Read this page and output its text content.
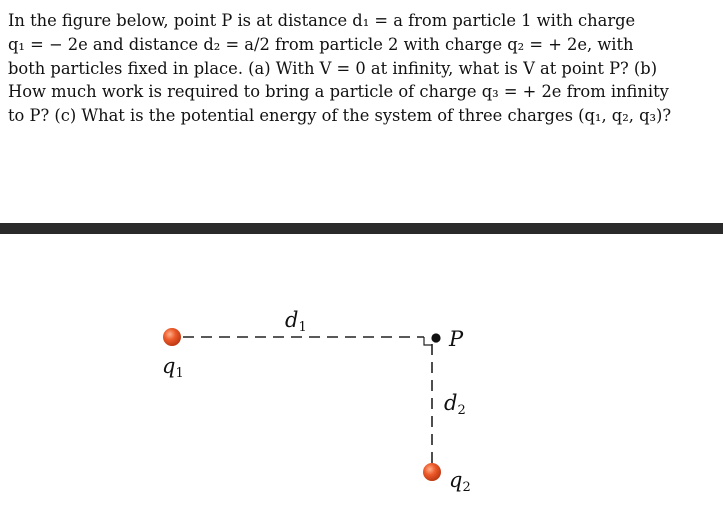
In the figure below, point P is at distance d₁ = a from particle 1 with charge
q₁ = − 2e and distance d₂ = a/2 from particle 2 with charge q₂ = + 2e, with
both particles fixed in place. (a) With V = 0 at infinity, what is V at point P? (b)
How much work is required to bring a particle of charge q₃ = + 2e from infinity
to P? (c) What is the potential energy of the system of three charges (q₁, q₂, q₃)?
d1	P
q1
d2
q2
